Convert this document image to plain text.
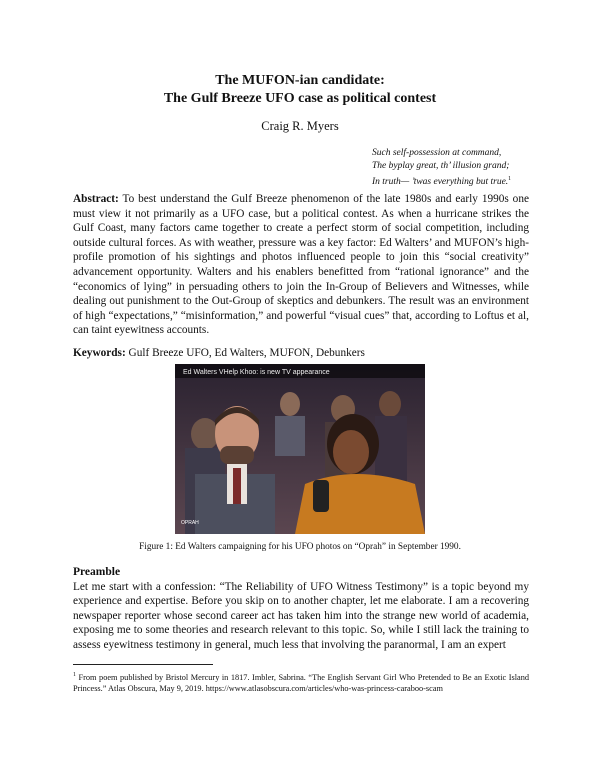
The MUFON-ian candidate:
The Gulf Breeze UFO case as political contest
Craig R. Myers
Such self-possession at command,
The byplay great, th’ illusion grand;
In truth— ’twas everything but true.$^1$
Abstract: To best understand the Gulf Breeze phenomenon of the late 1980s and early 1990s one must view it not primarily as a UFO case, but a political contest. As when a hurricane strikes the Gulf Coast, many factors came together to create a perfect storm of social competition, including outside cultural forces. As with weather, pressure was a key factor: Ed Walters’ and MUFON’s high-profile promotion of his sightings and photos influenced people to join this “social creativity” advancement opportunity. Walters and his enablers benefitted from “rational ignorance” and the “economics of lying” in persuading others to join the In-Group of Believers and Witnesses, while dealing out punishment to the Out-Group of skeptics and debunkers. The result was an environment of high “expectations,” “misinformation,” and powerful “visual cues” that, according to Loftus et al, can taint eyewitness accounts.
Keywords: Gulf Breeze UFO, Ed Walters, MUFON, Debunkers
Ed Walters VHelp Khoo: is new TV appearance
OPRAH
Figure 1: Ed Walters campaigning for his UFO photos on “Oprah” in September 1990.
Preamble
Let me start with a confession: “The Reliability of UFO Witness Testimony” is a topic beyond my experience and expertise. Before you skip on to another chapter, let me elaborate. I am a recovering newspaper reporter whose second career act has taken him into the strange new world of academia, exposing me to some theories and research relevant to this topic. So, while I still lack the training to assess eyewitness testimony in general, much less that involving the paranormal, I am an expert
$^1$ From poem published by Bristol Mercury in 1817. Imbler, Sabrina. “The English Servant Girl Who Pretended to Be an Exotic Island Princess.” Atlas Obscura, May 9, 2019. https://www.atlasobscura.com/articles/who-was-princess-caraboo-scam
